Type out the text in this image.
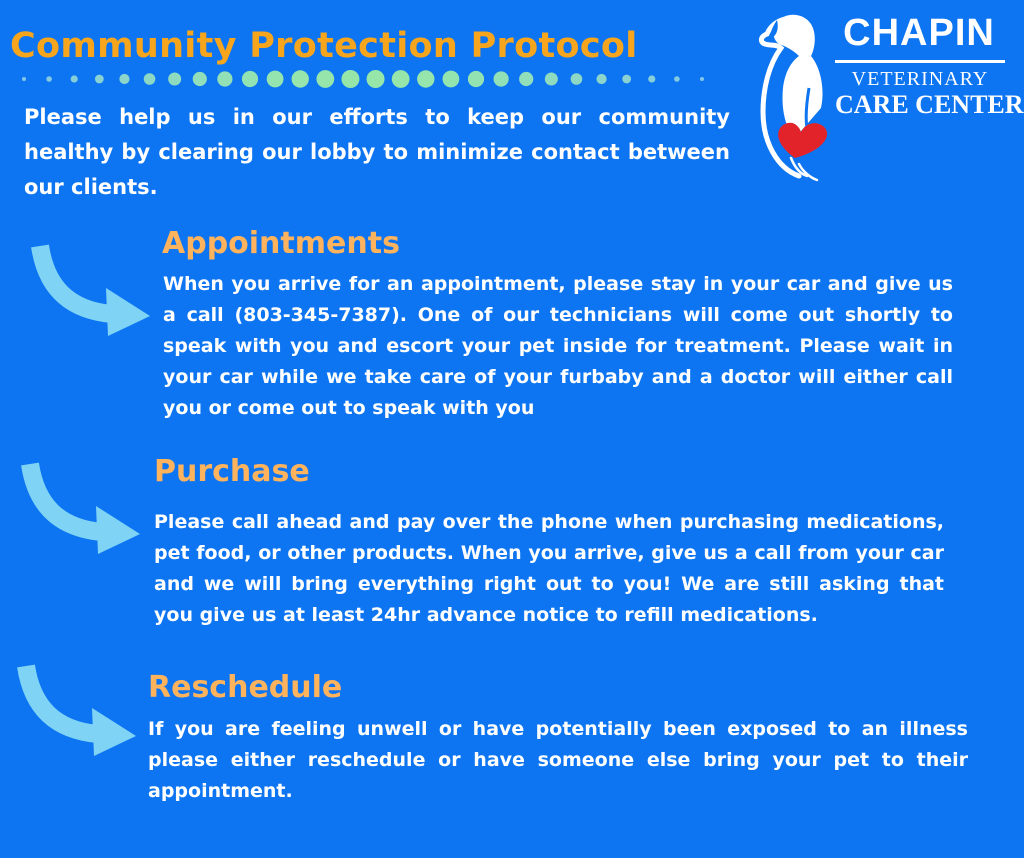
Community Protection Protocol

Please help us in our efforts to keep our community healthy by clearing our lobby to minimize contact between our clients.

CHAPIN
VETERINARY
CARE CENTER
Appointments

When you arrive for an appointment, please stay in your car and give us a call (803-345-7387). One of our technicians will come out shortly to speak with you and escort your pet inside for treatment. Please wait in your car while we take care of your furbaby and a doctor will either call you or come out to speak with you

Purchase

Please call ahead and pay over the phone when purchasing medications, pet food, or other products. When you arrive, give us a call from your car and we will bring everything right out to you! We are still asking that you give us at least 24hr advance notice to refill medications.

Reschedule

If you are feeling unwell or have potentially been exposed to an illness please either reschedule or have someone else bring your pet to their appointment.
